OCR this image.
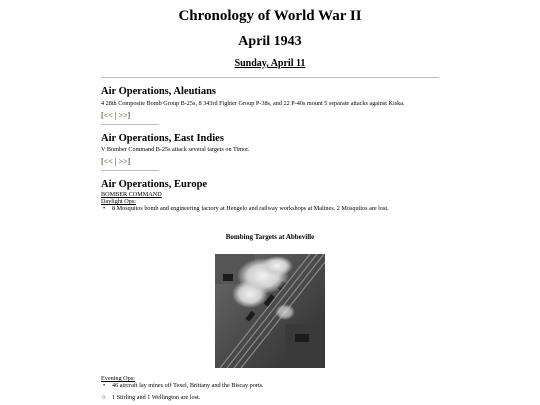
Chronology of World War II
April 1943
Sunday, April 11
Air Operations, Aleutians
4 28th Composite Bomb Group B-25s, 8 343rd Fighter Group P-38s, and 22 P-40s mount 5 separate attacks against Kiska.
[<< | >>]
Air Operations, East Indies
V Bomber Command B-25s attack several targets on Timor.
[<< | >>]
Air Operations, Europe
BOMBER COMMAND
Daylight Ops:
• 8 Mosquitos bomb and engineering factory at Hengelo and railway workshops at Malines. 2 Mosquitos are lost.
Bombing Targets at Abbeville
Evening Ops:
• 46 aircraft lay mines off Texel, Brittany and the Biscay ports.
○ 1 Stirling and 1 Wellington are lost.
